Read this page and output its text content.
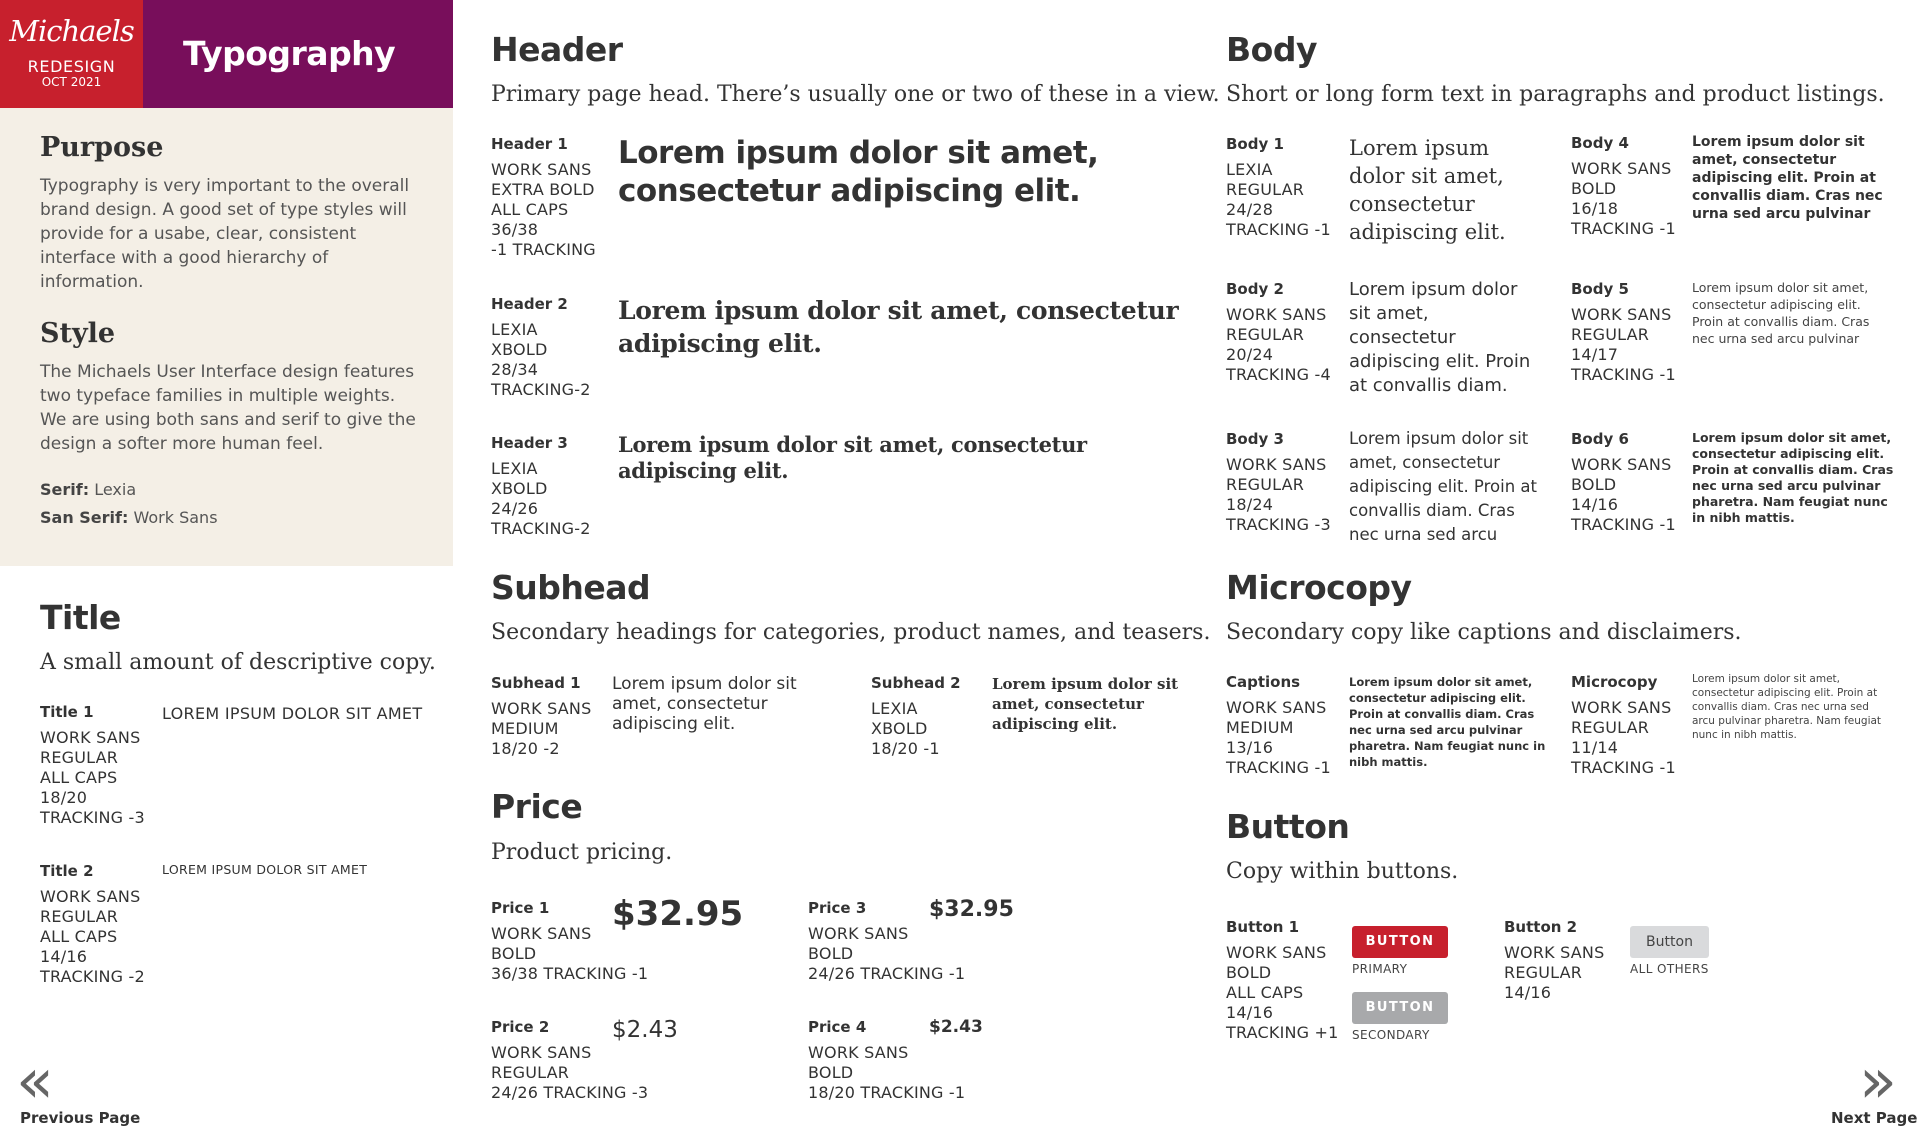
Michaels
REDESIGN
OCT 2021
Typography
Purpose
Typography is very important to the overall brand design. A good set of type styles will provide for a usabe, clear, consistent interface with a good hierarchy of information.
Style
The Michaels User Interface design features two typeface families in multiple weights. We are using both sans and serif to give the design a softer more human feel.
Serif: Lexia
San Serif: Work Sans
Title
A small amount of descriptive copy.
Title 1
WORK SANS
REGULAR
ALL CAPS
18/20
TRACKING -3
LOREM IPSUM DOLOR SIT AMET
Title 2
WORK SANS
REGULAR
ALL CAPS
14/16
TRACKING -2
LOREM IPSUM DOLOR SIT AMET
Header
Primary page head. There’s usually one or two of these in a view.
Header 1
WORK SANS
EXTRA BOLD
ALL CAPS
36/38
-1 TRACKING
Lorem ipsum dolor sit amet, consectetur adipiscing elit.
Header 2
LEXIA
XBOLD
28/34
TRACKING-2
Lorem ipsum dolor sit amet, consectetur adipiscing elit.
Header 3
LEXIA
XBOLD
24/26
TRACKING-2
Lorem ipsum dolor sit amet, consectetur adipiscing elit.
Subhead
Secondary headings for categories, product names, and teasers.
Subhead 1
WORK SANS
MEDIUM
18/20 -2
Lorem ipsum dolor sit amet, consectetur adipiscing elit.
Subhead 2
LEXIA
XBOLD
18/20 -1
Lorem ipsum dolor sit amet, consectetur adipiscing elit.
Price
Product pricing.
Price 1
WORK SANS
BOLD
36/38 TRACKING -1
$32.95
Price 2
WORK SANS
REGULAR
24/26 TRACKING -3
$2.43
Price 3
WORK SANS
BOLD
24/26 TRACKING -1
$32.95
Price 4
WORK SANS
BOLD
18/20 TRACKING -1
$2.43
Body
Short or long form text in paragraphs and product listings.
Body 1
LEXIA
REGULAR
24/28
TRACKING -1
Lorem ipsum dolor sit amet, consectetur adipiscing elit.
Body 2
WORK SANS
REGULAR
20/24
TRACKING -4
Lorem ipsum dolor sit amet, consectetur adipiscing elit. Proin at convallis diam.
Body 3
WORK SANS
REGULAR
18/24
TRACKING -3
Lorem ipsum dolor sit amet, consectetur adipiscing elit. Proin at convallis diam. Cras nec urna sed arcu
Body 4
WORK SANS
BOLD
16/18
TRACKING -1
Lorem ipsum dolor sit amet, consectetur adipiscing elit. Proin at convallis diam. Cras nec urna sed arcu pulvinar
Body 5
WORK SANS
REGULAR
14/17
TRACKING -1
Lorem ipsum dolor sit amet, consectetur adipiscing elit. Proin at convallis diam. Cras nec urna sed arcu pulvinar
Body 6
WORK SANS
BOLD
14/16
TRACKING -1
Lorem ipsum dolor sit amet, consectetur adipiscing elit. Proin at convallis diam. Cras nec urna sed arcu pulvinar pharetra. Nam feugiat nunc in nibh mattis.
Microcopy
Secondary copy like captions and disclaimers.
Captions
WORK SANS
MEDIUM
13/16
TRACKING -1
Lorem ipsum dolor sit amet, consectetur adipiscing elit. Proin at convallis diam. Cras nec urna sed arcu pulvinar pharetra. Nam feugiat nunc in nibh mattis.
Microcopy
WORK SANS
REGULAR
11/14
TRACKING -1
Lorem ipsum dolor sit amet, consectetur adipiscing elit. Proin at convallis diam. Cras nec urna sed arcu pulvinar pharetra. Nam feugiat nunc in nibh mattis.
Button
Copy within buttons.
Button 1
WORK SANS
BOLD
ALL CAPS
14/16
TRACKING +1
BUTTON
PRIMARY
BUTTON
SECONDARY
Button 2
WORK SANS
REGULAR
14/16
Button
ALL OTHERS
«
Previous Page
»
Next Page
